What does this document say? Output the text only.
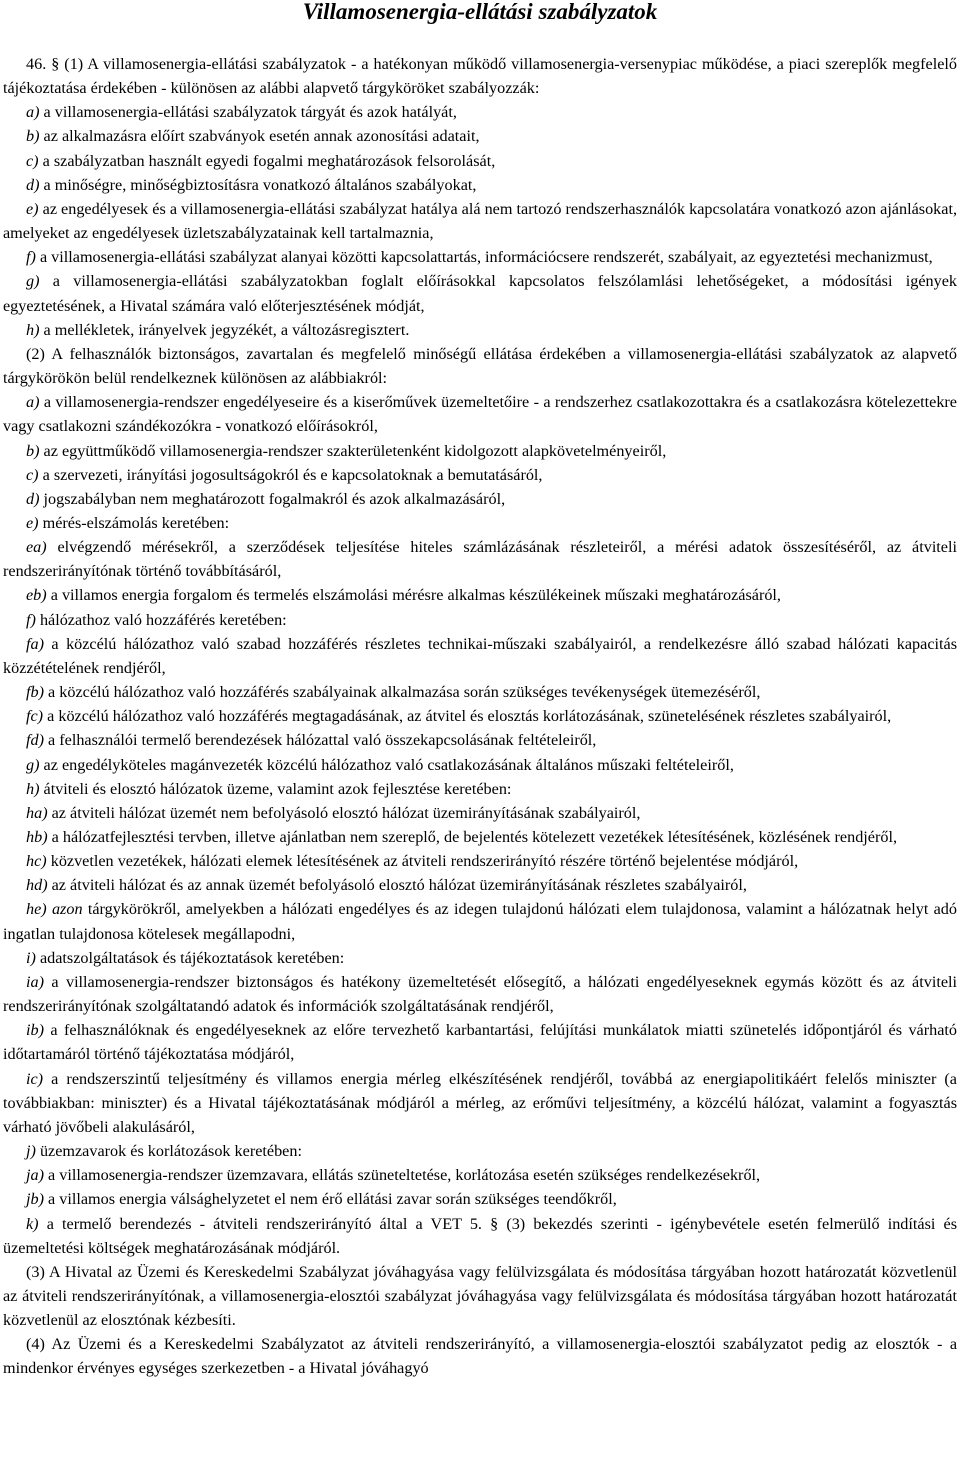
Villamosenergia-ellátási szabályzatok

46. § (1) A villamosenergia-ellátási szabályzatok - a hatékonyan működő villamosenergia-versenypiac működése, a piaci szereplők megfelelő tájékoztatása érdekében - különösen az alábbi alapvető tárgyköröket szabályozzák:

a) a villamosenergia-ellátási szabályzatok tárgyát és azok hatályát,

b) az alkalmazásra előírt szabványok esetén annak azonosítási adatait,

c) a szabályzatban használt egyedi fogalmi meghatározások felsorolását,

d) a minőségre, minőségbiztosításra vonatkozó általános szabályokat,

e) az engedélyesek és a villamosenergia-ellátási szabályzat hatálya alá nem tartozó rendszerhasználók kapcsolatára vonatkozó azon ajánlásokat, amelyeket az engedélyesek üzletszabályzatainak kell tartalmaznia,

f) a villamosenergia-ellátási szabályzat alanyai közötti kapcsolattartás, információcsere rendszerét, szabályait, az egyeztetési mechanizmust,

g) a villamosenergia-ellátási szabályzatokban foglalt előírásokkal kapcsolatos felszólamlási lehetőségeket, a módosítási igények egyeztetésének, a Hivatal számára való előterjesztésének módját,

h) a mellékletek, irányelvek jegyzékét, a változásregisztert.

(2) A felhasználók biztonságos, zavartalan és megfelelő minőségű ellátása érdekében a villamosenergia-ellátási szabályzatok az alapvető tárgykörökön belül rendelkeznek különösen az alábbiakról:

a) a villamosenergia-rendszer engedélyeseire és a kiserőművek üzemeltetőire - a rendszerhez csatlakozottakra és a csatlakozásra kötelezettekre vagy csatlakozni szándékozókra - vonatkozó előírásokról,

b) az együttműködő villamosenergia-rendszer szakterületenként kidolgozott alapkövetelményeiről,

c) a szervezeti, irányítási jogosultságokról és e kapcsolatoknak a bemutatásáról,

d) jogszabályban nem meghatározott fogalmakról és azok alkalmazásáról,

e) mérés-elszámolás keretében:

ea) elvégzendő mérésekről, a szerződések teljesítése hiteles számlázásának részleteiről, a mérési adatok összesítéséről, az átviteli rendszerirányítónak történő továbbításáról,

eb) a villamos energia forgalom és termelés elszámolási mérésre alkalmas készülékeinek műszaki meghatározásáról,

f) hálózathoz való hozzáférés keretében:

fa) a közcélú hálózathoz való szabad hozzáférés részletes technikai-műszaki szabályairól, a rendelkezésre álló szabad hálózati kapacitás közzétételének rendjéről,

fb) a közcélú hálózathoz való hozzáférés szabályainak alkalmazása során szükséges tevékenységek ütemezéséről,

fc) a közcélú hálózathoz való hozzáférés megtagadásának, az átvitel és elosztás korlátozásának, szünetelésének részletes szabályairól,

fd) a felhasználói termelő berendezések hálózattal való összekapcsolásának feltételeiről,

g) az engedélyköteles magánvezeték közcélú hálózathoz való csatlakozásának általános műszaki feltételeiről,

h) átviteli és elosztó hálózatok üzeme, valamint azok fejlesztése keretében:

ha) az átviteli hálózat üzemét nem befolyásoló elosztó hálózat üzemirányításának szabályairól,

hb) a hálózatfejlesztési tervben, illetve ajánlatban nem szereplő, de bejelentés kötelezett vezetékek létesítésének, közlésének rendjéről,

hc) közvetlen vezetékek, hálózati elemek létesítésének az átviteli rendszerirányító részére történő bejelentése módjáról,

hd) az átviteli hálózat és az annak üzemét befolyásoló elosztó hálózat üzemirányításának részletes szabályairól,

he) azon tárgykörökről, amelyekben a hálózati engedélyes és az idegen tulajdonú hálózati elem tulajdonosa, valamint a hálózatnak helyt adó ingatlan tulajdonosa kötelesek megállapodni,

i) adatszolgáltatások és tájékoztatások keretében:

ia) a villamosenergia-rendszer biztonságos és hatékony üzemeltetését elősegítő, a hálózati engedélyeseknek egymás között és az átviteli rendszerirányítónak szolgáltatandó adatok és információk szolgáltatásának rendjéről,

ib) a felhasználóknak és engedélyeseknek az előre tervezhető karbantartási, felújítási munkálatok miatti szünetelés időpontjáról és várható időtartamáról történő tájékoztatása módjáról,

ic) a rendszerszintű teljesítmény és villamos energia mérleg elkészítésének rendjéről, továbbá az energiapolitikáért felelős miniszter (a továbbiakban: miniszter) és a Hivatal tájékoztatásának módjáról a mérleg, az erőművi teljesítmény, a közcélú hálózat, valamint a fogyasztás várható jövőbeli alakulásáról,

j) üzemzavarok és korlátozások keretében:

ja) a villamosenergia-rendszer üzemzavara, ellátás szüneteltetése, korlátozása esetén szükséges rendelkezésekről,

jb) a villamos energia válsághelyzetet el nem érő ellátási zavar során szükséges teendőkről,

k) a termelő berendezés - átviteli rendszerirányító által a VET 5. § (3) bekezdés szerinti - igénybevétele esetén felmerülő indítási és üzemeltetési költségek meghatározásának módjáról.

(3) A Hivatal az Üzemi és Kereskedelmi Szabályzat jóváhagyása vagy felülvizsgálata és módosítása tárgyában hozott határozatát közvetlenül az átviteli rendszerirányítónak, a villamosenergia-elosztói szabályzat jóváhagyása vagy felülvizsgálata és módosítása tárgyában hozott határozatát közvetlenül az elosztónak kézbesíti.

(4) Az Üzemi és a Kereskedelmi Szabályzatot az átviteli rendszerirányító, a villamosenergia-elosztói szabályzatot pedig az elosztók - a mindenkor érvényes egységes szerkezetben - a Hivatal jóváhagyó
